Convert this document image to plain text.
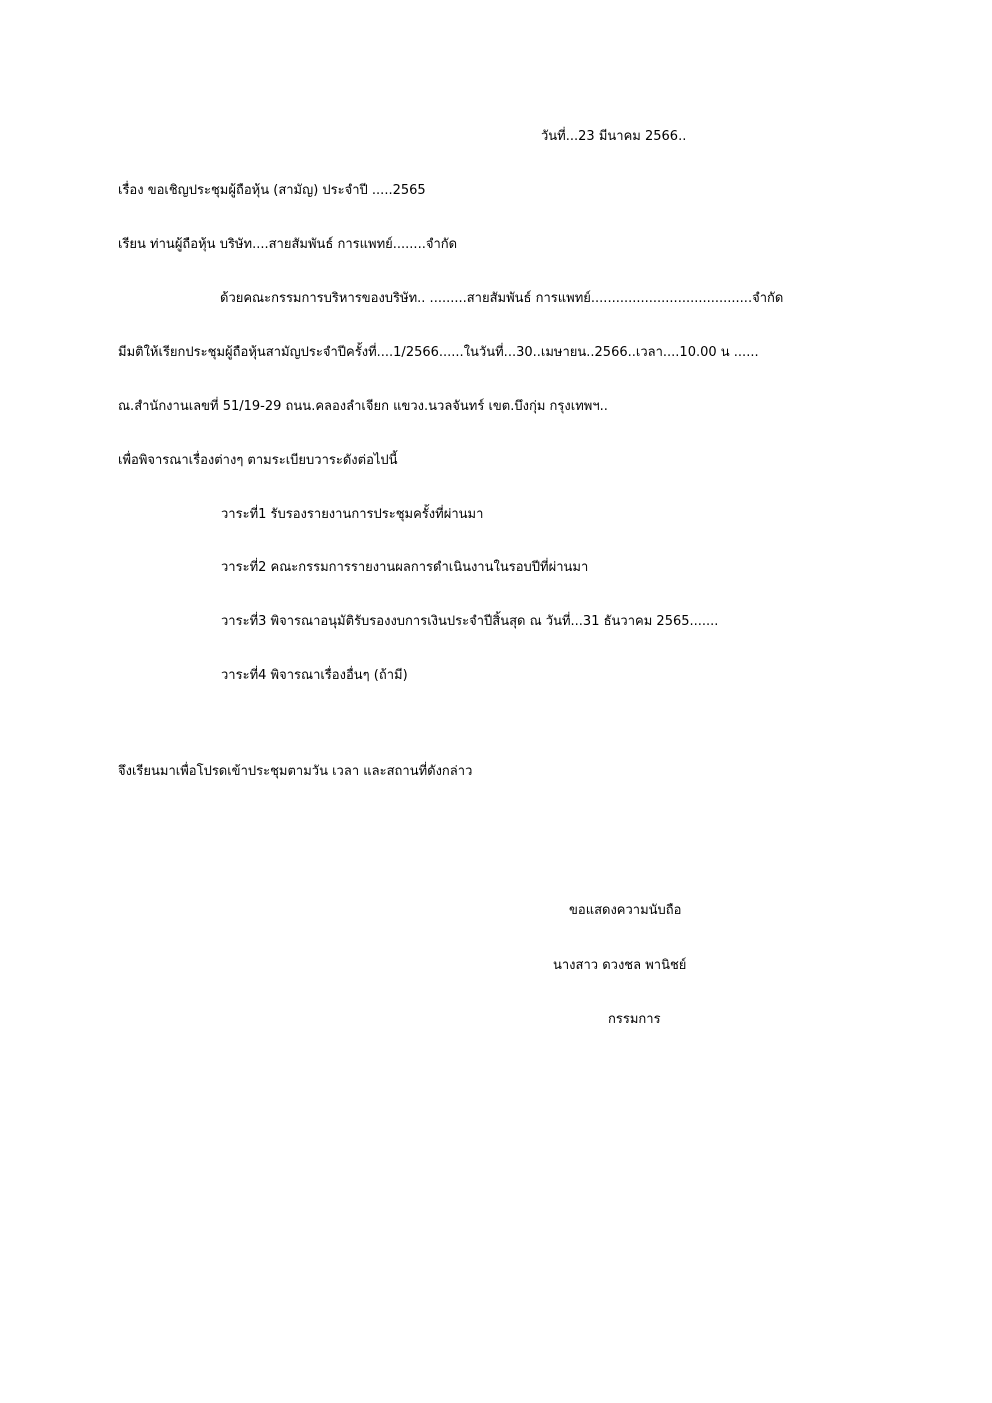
วันที่...23 มีนาคม 2566..

เรื่อง ขอเชิญประชุมผู้ถือหุ้น (สามัญ) ประจำปี .....2565

เรียน ท่านผู้ถือหุ้น บริษัท....สายสัมพันธ์ การแพทย์........จำกัด

ด้วยคณะกรรมการบริหารของบริษัท.. .........สายสัมพันธ์ การแพทย์.......................................จำกัด

มีมติให้เรียกประชุมผู้ถือหุ้นสามัญประจำปีครั้งที่....1/2566......ในวันที่...30..เมษายน..2566..เวลา....10.00 น ......

ณ.สำนักงานเลขที่ 51/19-29 ถนน.คลองลำเจียก แขวง.นวลจันทร์ เขต.บึงกุ่ม กรุงเทพฯ..

เพื่อพิจารณาเรื่องต่างๆ ตามระเบียบวาระดังต่อไปนี้

วาระที่1 รับรองรายงานการประชุมครั้งที่ผ่านมา

วาระที่2 คณะกรรมการรายงานผลการดำเนินงานในรอบปีที่ผ่านมา

วาระที่3 พิจารณาอนุมัติรับรองงบการเงินประจำปีสิ้นสุด ณ วันที่...31 ธันวาคม 2565.......

วาระที่4 พิจารณาเรื่องอื่นๆ (ถ้ามี)

จึงเรียนมาเพื่อโปรดเข้าประชุมตามวัน เวลา และสถานที่ดังกล่าว

ขอแสดงความนับถือ

นางสาว ดวงชล พานิชย์

กรรมการ
